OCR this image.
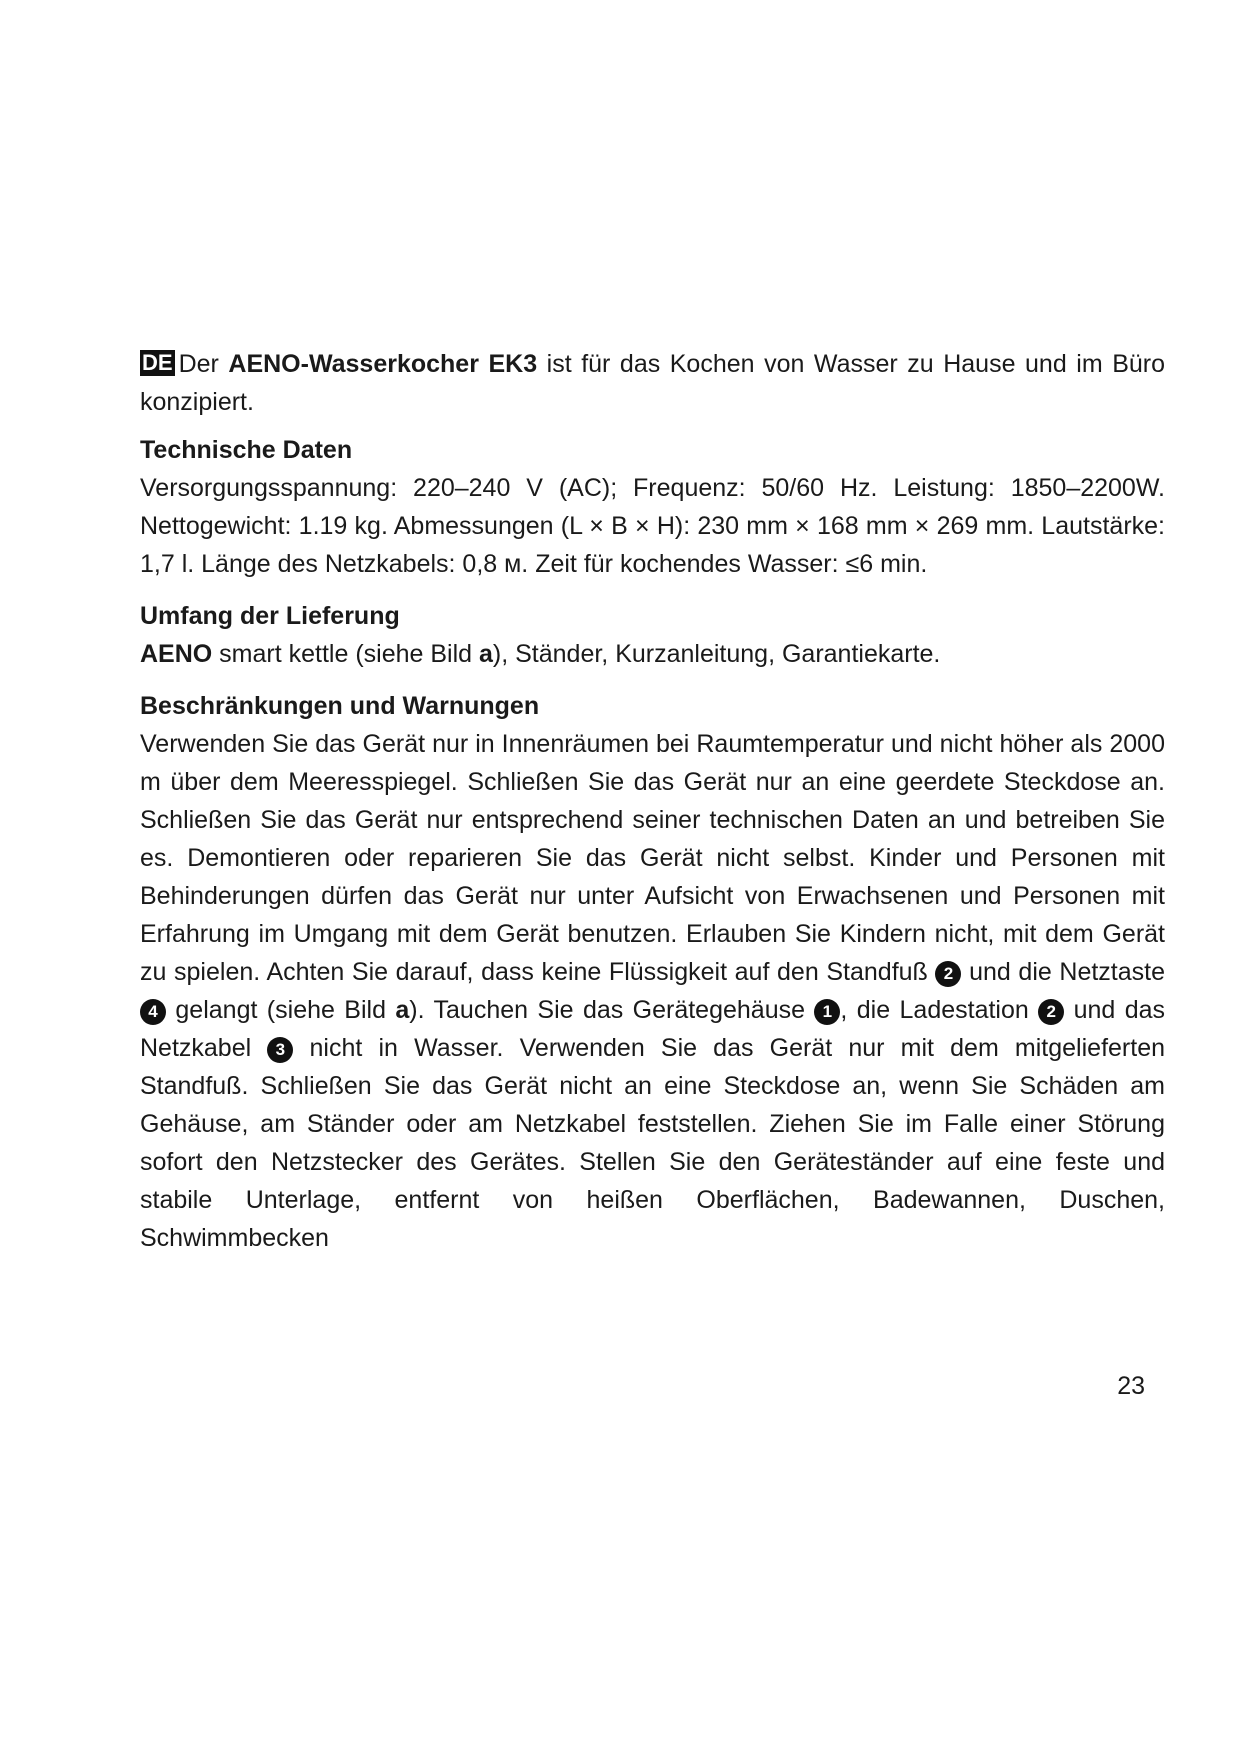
DE Der AENO-Wasserkocher EK3 ist für das Kochen von Wasser zu Hause und im Büro konzipiert.

Technische Daten

Versorgungsspannung: 220–240 V (AC); Frequenz: 50/60 Hz. Leistung: 1850–2200W. Nettogewicht: 1.19 kg. Abmessungen (L × B × H): 230 mm × 168 mm × 269 mm. Lautstärke: 1,7 l. Länge des Netzkabels: 0,8 м. Zeit für kochendes Wasser: ≤6 min.

Umfang der Lieferung

AENO smart kettle (siehe Bild a), Ständer, Kurzanleitung, Garantiekarte.

Beschränkungen und Warnungen

Verwenden Sie das Gerät nur in Innenräumen bei Raumtemperatur und nicht höher als 2000 m über dem Meeresspiegel. Schließen Sie das Gerät nur an eine geerdete Steckdose an. Schließen Sie das Gerät nur entsprechend seiner technischen Daten an und betreiben Sie es. Demontieren oder reparieren Sie das Gerät nicht selbst. Kinder und Personen mit Behinderungen dürfen das Gerät nur unter Aufsicht von Erwachsenen und Personen mit Erfahrung im Umgang mit dem Gerät benutzen. Erlauben Sie Kindern nicht, mit dem Gerät zu spielen. Achten Sie darauf, dass keine Flüssigkeit auf den Standfuß 2 und die Netztaste 4 gelangt (siehe Bild a). Tauchen Sie das Gerätegehäuse 1 , die Ladestation 2 und das Netzkabel 3 nicht in Wasser. Verwenden Sie das Gerät nur mit dem mitgelieferten Standfuß. Schließen Sie das Gerät nicht an eine Steckdose an, wenn Sie Schäden am Gehäuse, am Ständer oder am Netzkabel feststellen. Ziehen Sie im Falle einer Störung sofort den Netzstecker des Gerätes. Stellen Sie den Geräteständer auf eine feste und stabile Unterlage, entfernt von heißen Oberflächen, Badewannen, Duschen, Schwimmbecken

23
